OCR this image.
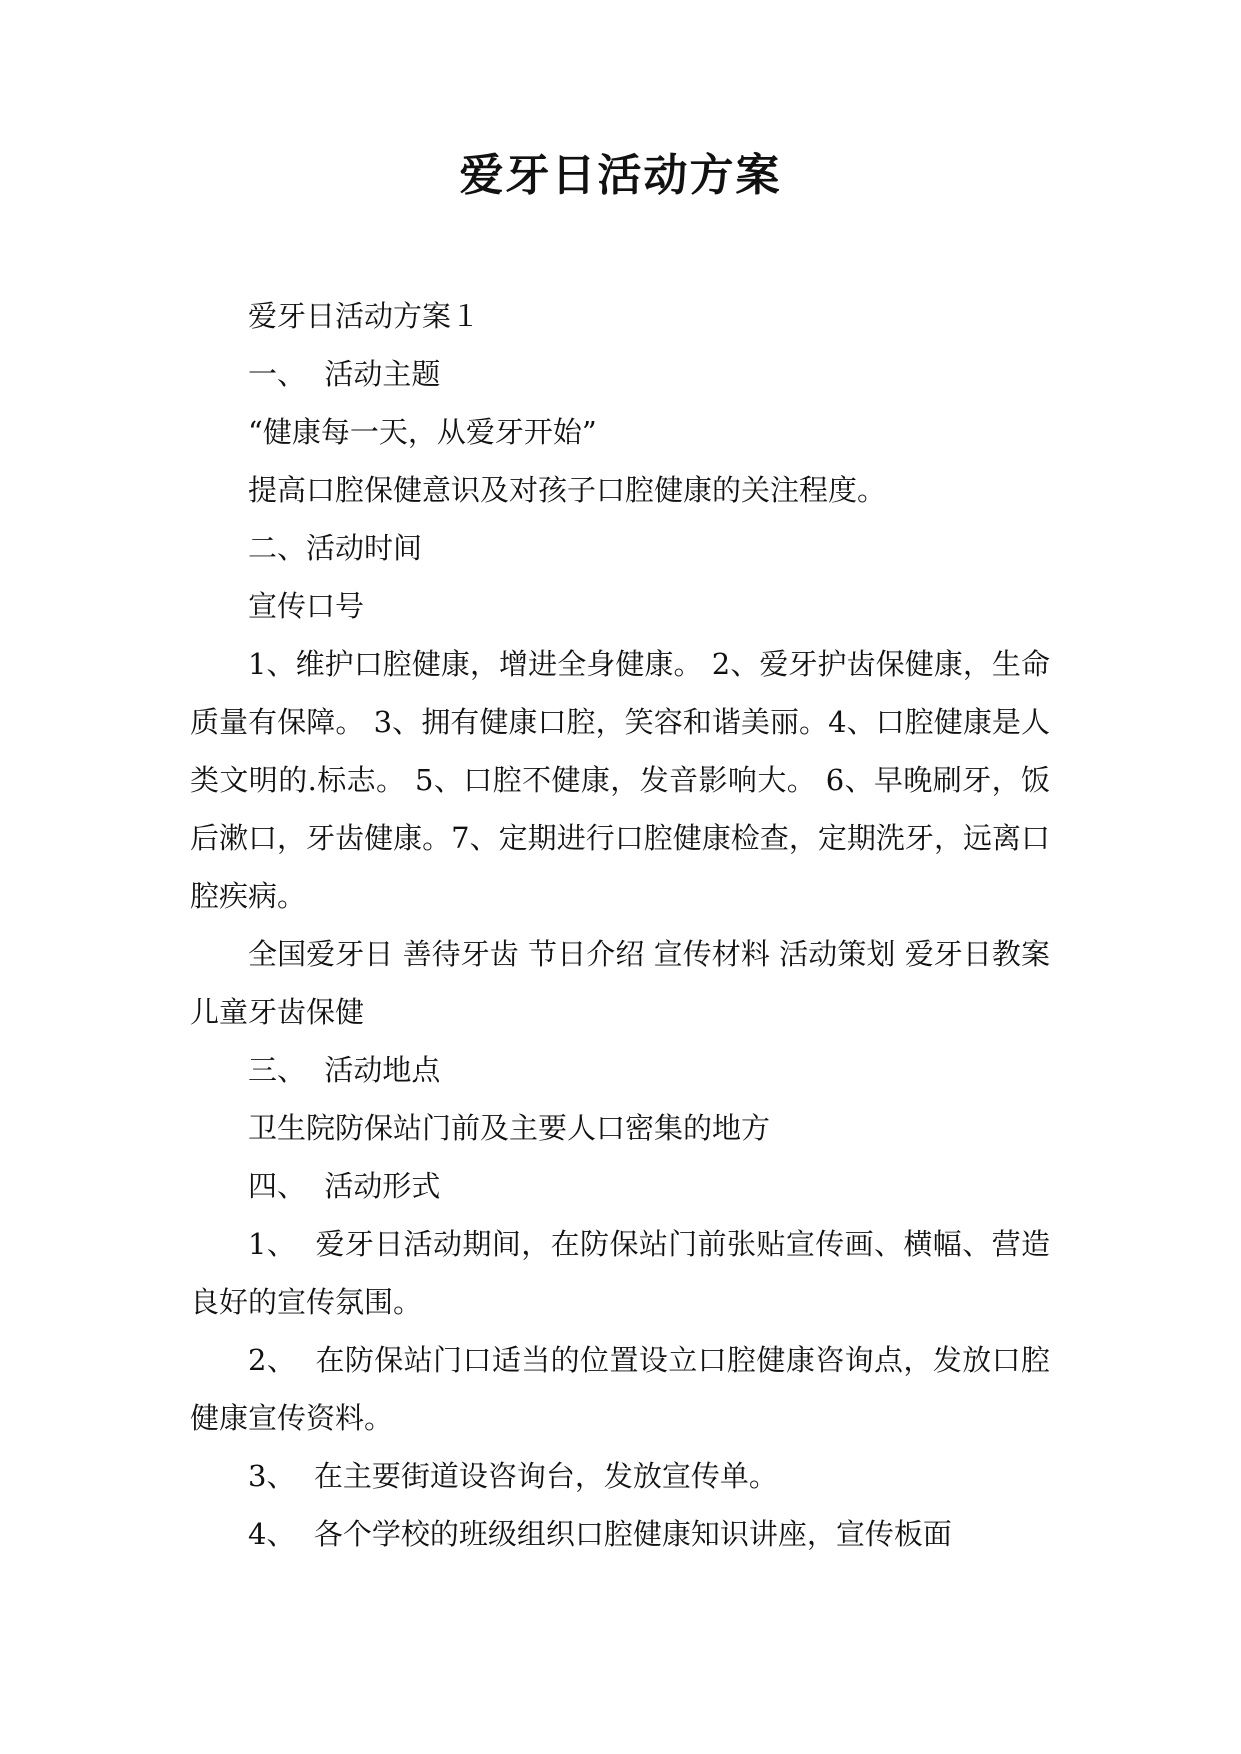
爱牙日活动方案

爱牙日活动方案１

一、  活动主题

“健康每一天，从爱牙开始”

提高口腔保健意识及对孩子口腔健康的关注程度。

二、活动时间

宣传口号

1、维护口腔健康，增进全身健康。 2、爱牙护齿保健康，生命质量有保障。 3、拥有健康口腔，笑容和谐美丽。4、口腔健康是人类文明的.标志。 5、口腔不健康，发音影响大。 6、早晚刷牙，饭后漱口，牙齿健康。7、定期进行口腔健康检查，定期洗牙，远离口腔疾病。

全国爱牙日 善待牙齿 节日介绍 宣传材料 活动策划 爱牙日教案 儿童牙齿保健

三、  活动地点

卫生院防保站门前及主要人口密集的地方

四、  活动形式

1、  爱牙日活动期间，在防保站门前张贴宣传画、横幅、营造良好的宣传氛围。

2、  在防保站门口适当的位置设立口腔健康咨询点，发放口腔健康宣传资料。

3、  在主要街道设咨询台，发放宣传单。

4、  各个学校的班级组织口腔健康知识讲座，宣传板面
